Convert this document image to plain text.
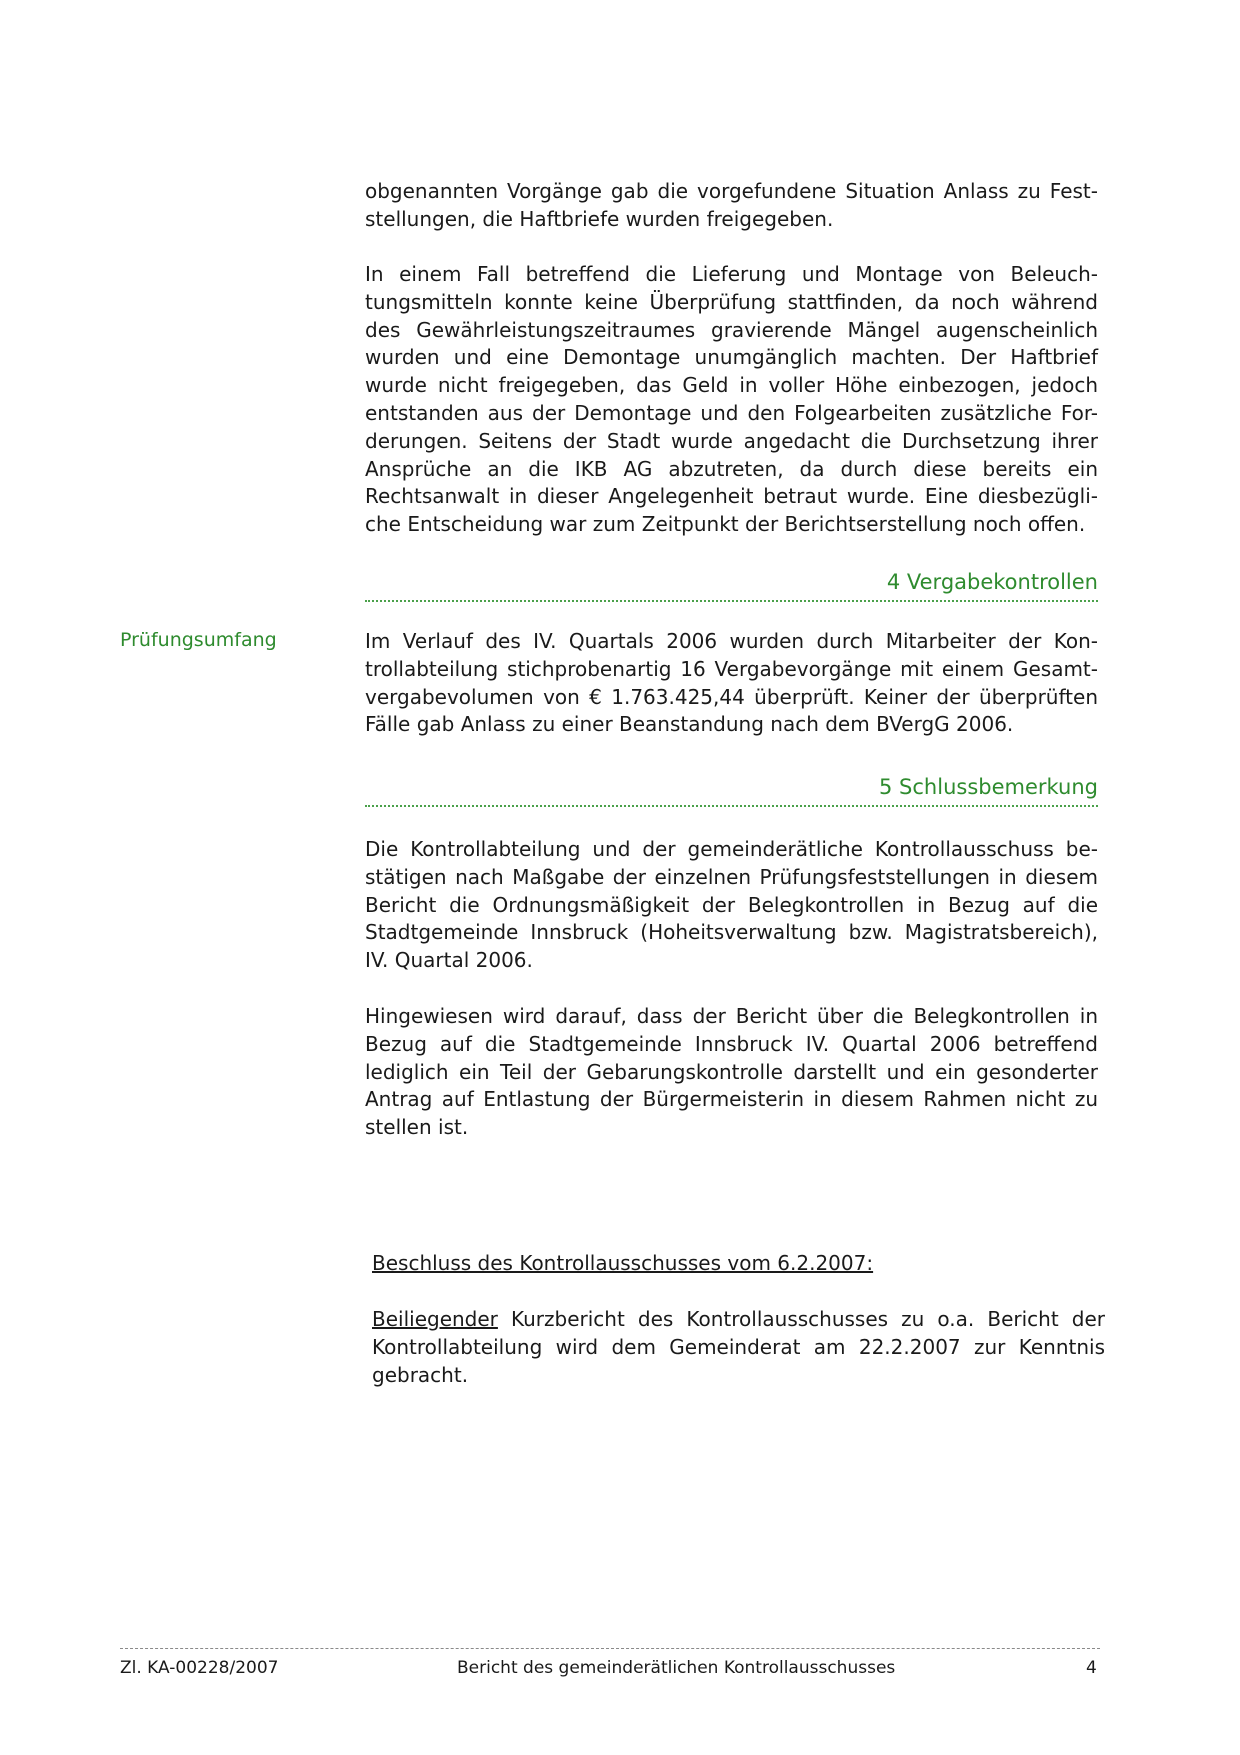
obgenannten Vorgänge gab die vorgefundene Situation Anlass zu Fest-
stellungen, die Haftbriefe wurden freigegeben.
In einem Fall betreffend die Lieferung und Montage von Beleuch-
tungsmitteln konnte keine Überprüfung stattfinden, da noch während
des Gewährleistungszeitraumes gravierende Mängel augenscheinlich
wurden und eine Demontage unumgänglich machten. Der Haftbrief
wurde nicht freigegeben, das Geld in voller Höhe einbezogen, jedoch
entstanden aus der Demontage und den Folgearbeiten zusätzliche For-
derungen. Seitens der Stadt wurde angedacht die Durchsetzung ihrer
Ansprüche an die IKB AG abzutreten, da durch diese bereits ein
Rechtsanwalt in dieser Angelegenheit betraut wurde. Eine diesbezügli-
che Entscheidung war zum Zeitpunkt der Berichtserstellung noch offen.
4 Vergabekontrollen
Prüfungsumfang	Im Verlauf des IV. Quartals 2006 wurden durch Mitarbeiter der Kon-
trollabteilung stichprobenartig 16 Vergabevorgänge mit einem Gesamt-
vergabevolumen von € 1.763.425,44 überprüft. Keiner der überprüften
Fälle gab Anlass zu einer Beanstandung nach dem BVergG 2006.
5 Schlussbemerkung
Die Kontrollabteilung und der gemeinderätliche Kontrollausschuss be-
stätigen nach Maßgabe der einzelnen Prüfungsfeststellungen in diesem
Bericht die Ordnungsmäßigkeit der Belegkontrollen in Bezug auf die
Stadtgemeinde Innsbruck (Hoheitsverwaltung bzw. Magistratsbereich),
IV. Quartal 2006.
Hingewiesen wird darauf, dass der Bericht über die Belegkontrollen in
Bezug auf die Stadtgemeinde Innsbruck IV. Quartal 2006 betreffend
lediglich ein Teil der Gebarungskontrolle darstellt und ein gesonderter
Antrag auf Entlastung der Bürgermeisterin in diesem Rahmen nicht zu
stellen ist.
Beschluss des Kontrollausschusses vom 6.2.2007:
Beiliegender Kurzbericht des Kontrollausschusses zu o.a. Bericht der
Kontrollabteilung wird dem Gemeinderat am 22.2.2007 zur Kenntnis
gebracht.
Zl. KA-00228/2007	Bericht des gemeinderätlichen Kontrollausschusses	4
